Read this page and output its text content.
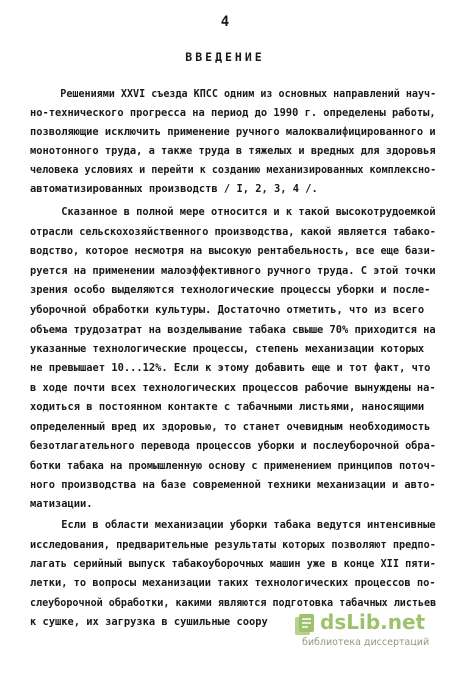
4
ВВЕДЕНИЕ
Решениями XXVI съезда КПСС одним из основных направлений науч-
но-технического прогресса на период до 1990 г. определены работы,
позволяющие исключить применение ручного малоквалифицированного и
монотонного труда, а также труда в тяжелых и вредных для здоровья
человека условиях и перейти к созданию механизированных комплексно-
автоматизированных производств / I, 2, 3, 4 /.
Сказанное в полной мере относится и к такой высокотрудоемкой
отрасли сельскохозяйственного производства, какой является табако-
водство, которое несмотря на высокую рентабельность, все еще бази-
руется на применении малоэффективного ручного труда. С этой точки
зрения особо выделяются технологические процессы уборки и после-
уборочной обработки культуры. Достаточно отметить, что из всего
объема трудозатрат на возделывание табака свыше 70% приходится на
указанные технологические процессы, степень механизации которых
не превышает 10...12%. Если к этому добавить еще и тот факт, что
в ходе почти всех технологических процессов рабочие вынуждены на-
ходиться в постоянном контакте с табачными листьями, наносящими
определенный вред их здоровью, то станет очевидным необходимость
безотлагательного перевода процессов уборки и послеуборочной обра-
ботки табака на промышленную основу с применением принципов поточ-
ного производства на базе современной техники механизации и авто-
матизации.
Если в области механизации уборки табака ведутся интенсивные
исследования, предварительные результаты которых позволяют предпо-
лагать серийный выпуск табакоуборочных машин уже в конце XII пяти-
летки, то вопросы механизации таких технологических процессов по-
слеуборочной обработки, какими являются подготовка табачных листьев
к сушке, их загрузка в сушильные соору	dsLib.net
библиотека диссертаций
